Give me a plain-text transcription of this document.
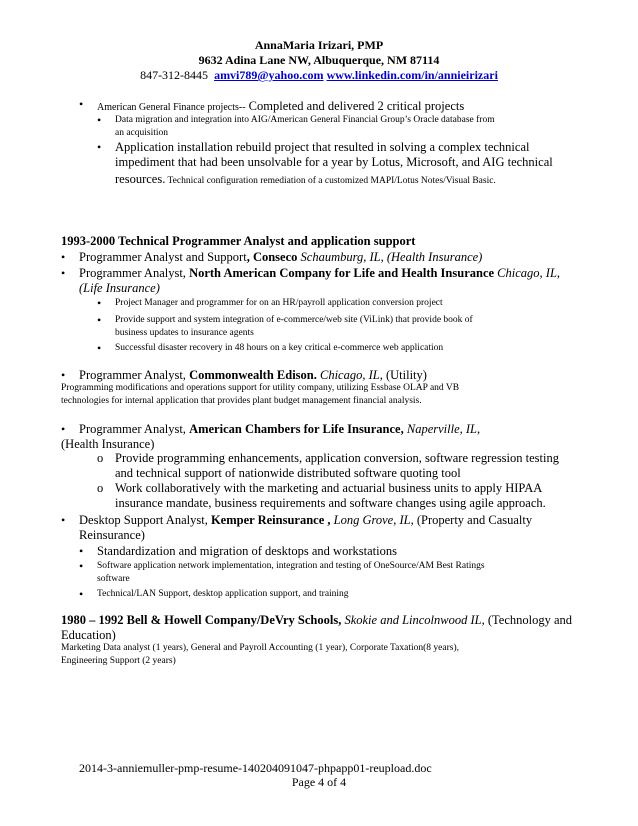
AnnaMaria Irizari, PMP
9632 Adina Lane NW, Albuquerque, NM 87114
847-312-8445 amvi789@yahoo.com www.linkedin.com/in/annieirizari
• American General Finance projects-- Completed and delivered 2 critical projects
• Data migration and integration into AIG/American General Financial Group’s Oracle database from
an acquisition
• Application installation rebuild project that resulted in solving a complex technical
impediment that had been unsolvable for a year by Lotus, Microsoft, and AIG technical
resources. Technical configuration remediation of a customized MAPI/Lotus Notes/Visual Basic.
1993-2000 Technical Programmer Analyst and application support
• Programmer Analyst and Support, Conseco Schaumburg, IL, (Health Insurance)
• Programmer Analyst, North American Company for Life and Health Insurance Chicago, IL,
(Life Insurance)
• Project Manager and programmer for on an HR/payroll application conversion project
• Provide support and system integration of e-commerce/web site (ViLink) that provide book of
business updates to insurance agents
• Successful disaster recovery in 48 hours on a key critical e-commerce web application
• Programmer Analyst, Commonwealth Edison. Chicago, IL, (Utility)
Programming modifications and operations support for utility company, utilizing Essbase OLAP and VB
technologies for internal application that provides plant budget management financial analysis.
• Programmer Analyst, American Chambers for Life Insurance, Naperville, IL,
(Health Insurance)
o Provide programming enhancements, application conversion, software regression testing
and technical support of nationwide distributed software quoting tool
o Work collaboratively with the marketing and actuarial business units to apply HIPAA
insurance mandate, business requirements and software changes using agile approach.
• Desktop Support Analyst, Kemper Reinsurance , Long Grove, IL, (Property and Casualty
Reinsurance)
• Standardization and migration of desktops and workstations
• Software application network implementation, integration and testing of OneSource/AM Best Ratings
software
• Technical/LAN Support, desktop application support, and training
1980 – 1992 Bell & Howell Company/DeVry Schools, Skokie and Lincolnwood IL, (Technology and
Education)
Marketing Data analyst (1 years), General and Payroll Accounting (1 year), Corporate Taxation(8 years),
Engineering Support (2 years)
2014-3-anniemuller-pmp-resume-140204091047-phpapp01-reupload.doc
Page 4 of 4
